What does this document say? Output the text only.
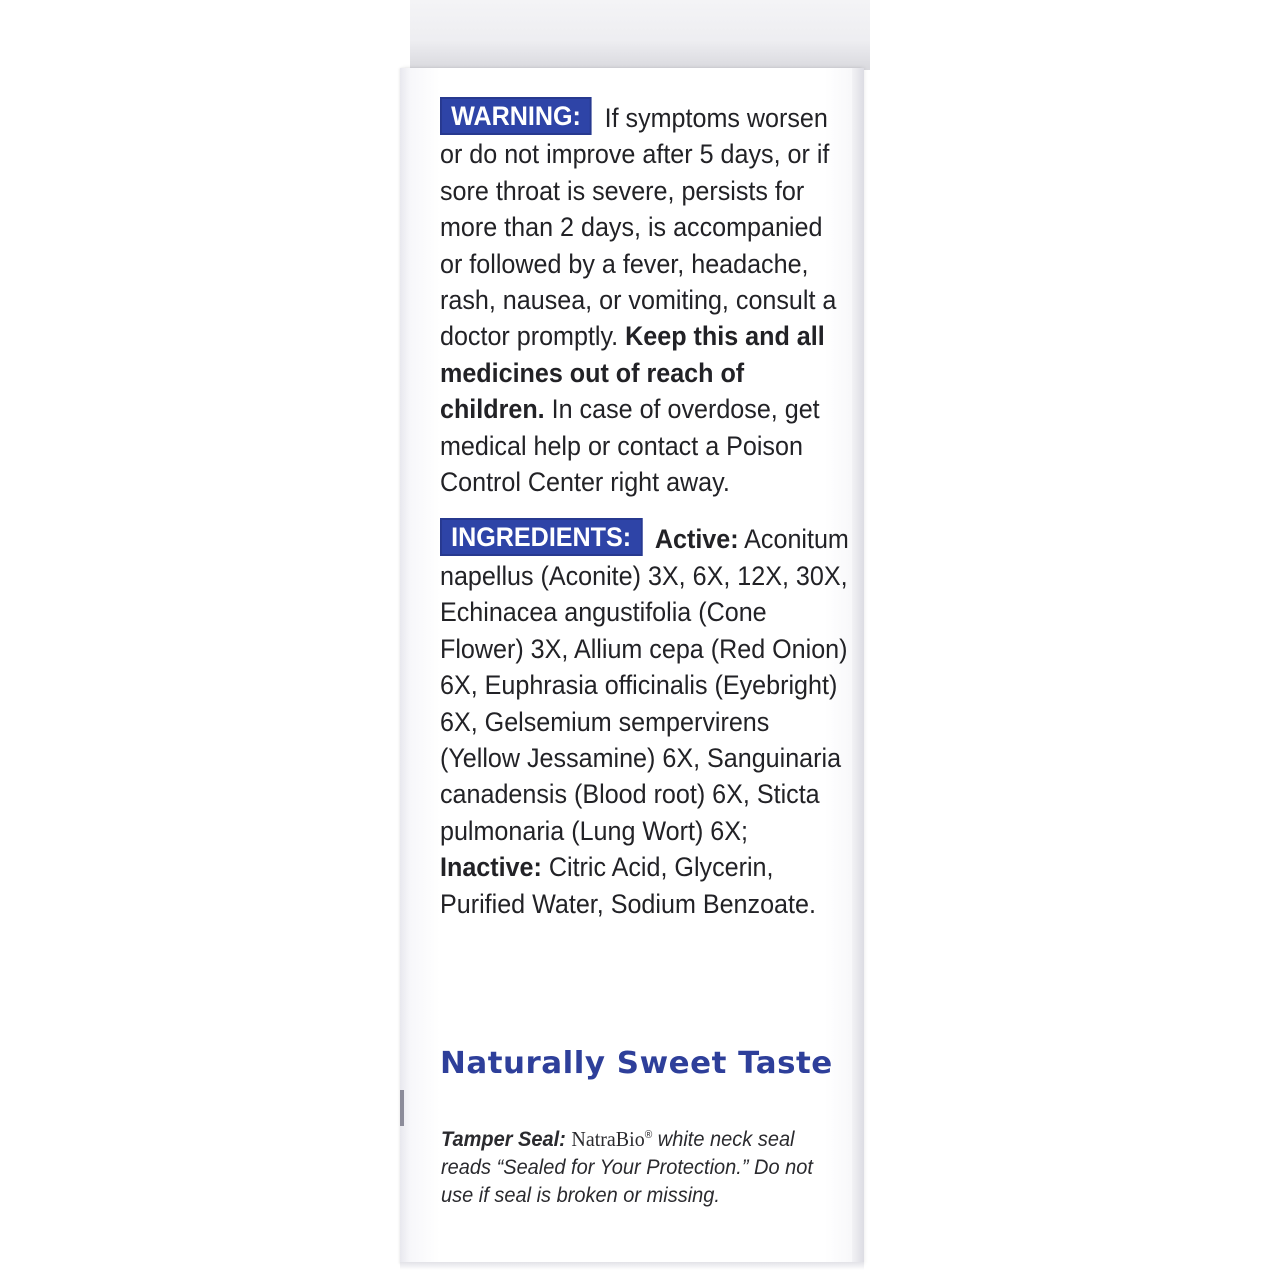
WARNING: If symptoms worsen or do not improve after 5 days, or if sore throat is severe, persists for more than 2 days, is accompanied or followed by a fever, headache, rash, nausea, or vomiting, consult a doctor promptly. Keep this and all medicines out of reach of children. In case of overdose, get medical help or contact a Poison Control Center right away.
INGREDIENTS: Active: Aconitum napellus (Aconite) 3X, 6X, 12X, 30X, Echinacea angustifolia (Cone Flower) 3X, Allium cepa (Red Onion) 6X, Euphrasia officinalis (Eyebright) 6X, Gelsemium sempervirens (Yellow Jessamine) 6X, Sanguinaria canadensis (Blood root) 6X, Sticta pulmonaria (Lung Wort) 6X; Inactive: Citric Acid, Glycerin, Purified Water, Sodium Benzoate.
Naturally Sweet Taste
Tamper Seal: NatraBio® white neck seal reads “Sealed for Your Protection.” Do not use if seal is broken or missing.
